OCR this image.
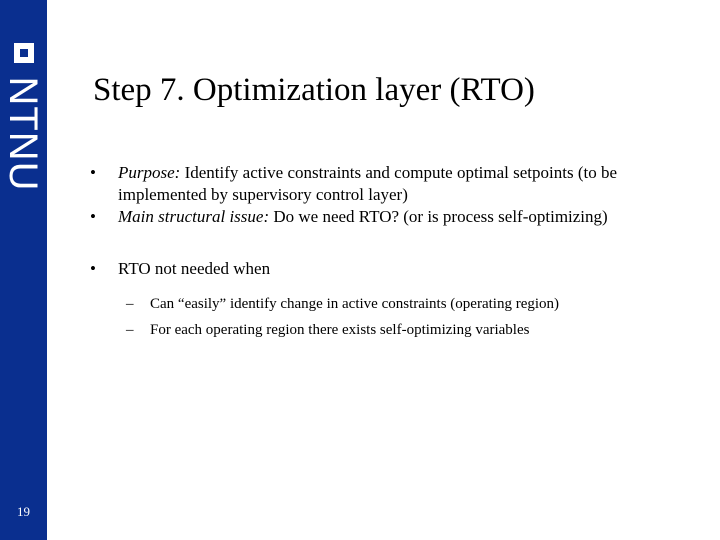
NTNU
19
Step 7. Optimization layer (RTO)
• Purpose: Identify active constraints and compute optimal setpoints (to be implemented by supervisory control layer)
• Main structural issue: Do we need RTO? (or is process self-optimizing)
• RTO not needed when
– Can “easily” identify change in active constraints (operating region)
– For each operating region there exists self-optimizing variables
